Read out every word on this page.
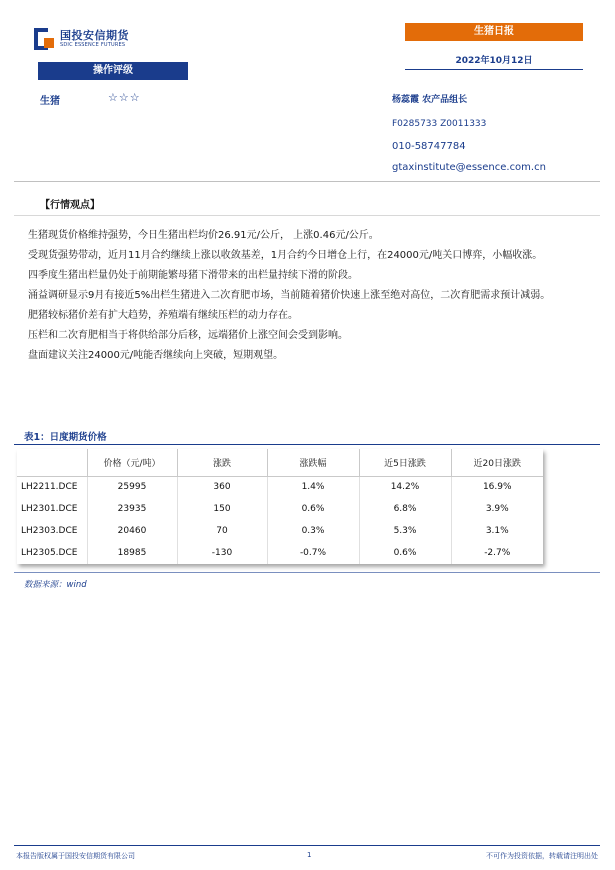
国投安信期货
SDIC ESSENCE FUTURES
生猪日报
2022年10月12日
操作评级
生猪	☆☆☆	杨蕊霞 农产品组长
F0285733 Z0011333
010-58747784
gtaxinstitute@essence.com.cn
【行情观点】

生猪现货价格维持强势，今日生猪出栏均价26.91元/公斤， 上涨0.46元/公斤。

受现货强势带动，近月11月合约继续上涨以收敛基差，1月合约今日增仓上行，在24000元/吨关口博弈，小幅收涨。

四季度生猪出栏量仍处于前期能繁母猪下滑带来的出栏量持续下滑的阶段。

涌益调研显示9月有接近5%出栏生猪进入二次育肥市场，当前随着猪价快速上涨至绝对高位，二次育肥需求预计减弱。

肥猪较标猪价差有扩大趋势，养殖端有继续压栏的动力存在。

压栏和二次育肥相当于将供给部分后移，远端猪价上涨空间会受到影响。

盘面建议关注24000元/吨能否继续向上突破，短期观望。

表1：日度期货价格
	价格（元/吨）	涨跌	涨跌幅	近5日涨跌	近20日涨跌
LH2211.DCE	25995	360	1.4%	14.2%	16.9%
LH2301.DCE	23935	150	0.6%	6.8%	3.9%
LH2303.DCE	20460	70	0.3%	5.3%	3.1%
LH2305.DCE	18985	-130	-0.7%	0.6%	-2.7%
数据来源：wind
本报告版权属于国投安信期货有限公司	1	不可作为投资依据，转载请注明出处
